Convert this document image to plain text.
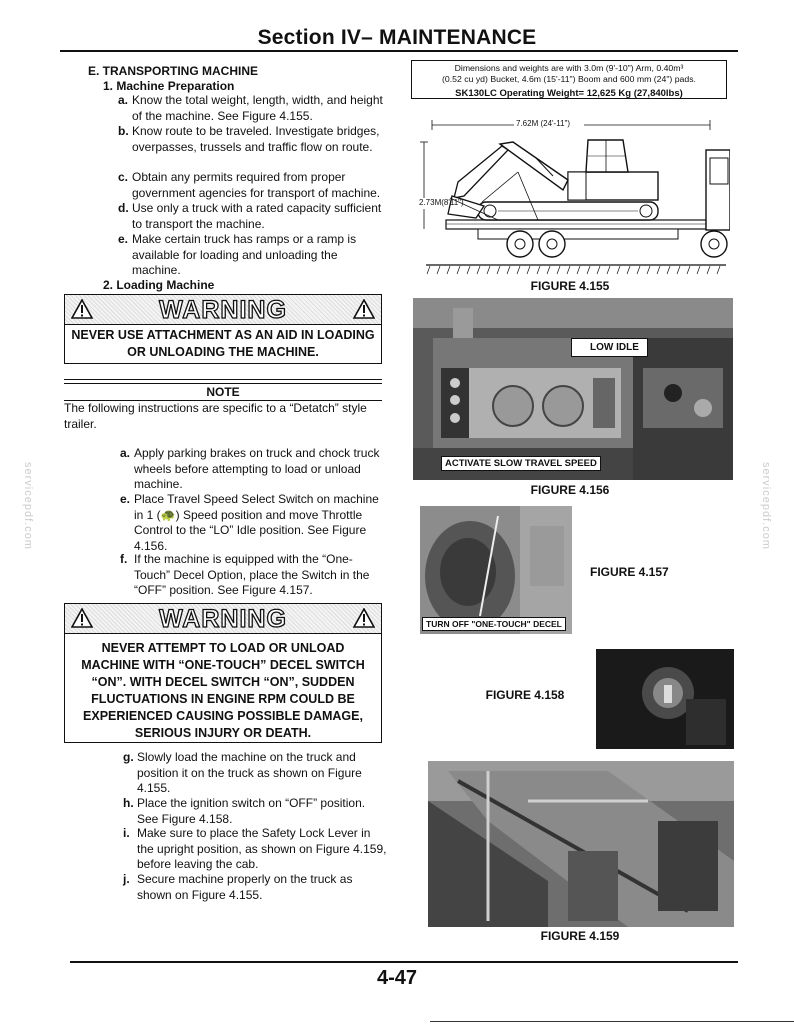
Section IV– MAINTENANCE
E. TRANSPORTING MACHINE
1. Machine Preparation
a. Know the total weight, length, width, and height of the machine. See Figure 4.155.
b. Know route to be traveled. Investigate bridges, overpasses, trussels and traffic flow on route.
c. Obtain any permits required from proper government agencies for transport of machine.
d. Use only a truck with a rated capacity sufficient to transport the machine.
e. Make certain truck has ramps or a ramp is available for loading and unloading the machine.
2. Loading Machine
WARNING
NEVER USE ATTACHMENT AS AN AID IN LOADING
OR UNLOADING THE MACHINE.
NOTE
The following instructions are specific to a “Detatch” style trailer.
a. Apply parking brakes on truck and chock truck wheels before attempting to load or unload machine.
e. Place Travel Speed Select Switch on machine in 1 (🐢) Speed position and move Throttle Control to the “LO” Idle position. See Figure 4.156.
f. If the machine is equipped with the “One-Touch” Decel Option, place the Switch in the “OFF” position. See Figure 4.157.
WARNING
NEVER ATTEMPT TO LOAD OR UNLOAD
MACHINE WITH “ONE-TOUCH” DECEL SWITCH
“ON”. WITH DECEL SWITCH “ON”, SUDDEN
FLUCTUATIONS IN ENGINE RPM COULD BE
EXPERIENCED CAUSING POSSIBLE DAMAGE,
SERIOUS INJURY OR DEATH.
g. Slowly load the machine on the truck and position it on the truck as shown on Figure 4.155.
h. Place the ignition switch on “OFF” position. See Figure 4.158.
i. Make sure to place the Safety Lock Lever in the upright position, as shown on Figure 4.159, before leaving the cab.
j. Secure machine properly on the truck as shown on Figure 4.155.
Dimensions and weights are with 3.0m (9'-10") Arm, 0.40m³
(0.52 cu yd) Bucket, 4.6m (15'-11") Boom and 600 mm (24") pads.
SK130LC Operating Weight= 12,625 Kg (27,840lbs)
7.62M (24'-11")
2.73M(8'11")
FIGURE 4.155
LOW IDLE
ACTIVATE SLOW TRAVEL SPEED
FIGURE 4.156
TURN OFF "ONE-TOUCH" DECEL
FIGURE 4.157
FIGURE 4.158
FIGURE 4.159
servicepdf.com	servicepdf.com
4-47
